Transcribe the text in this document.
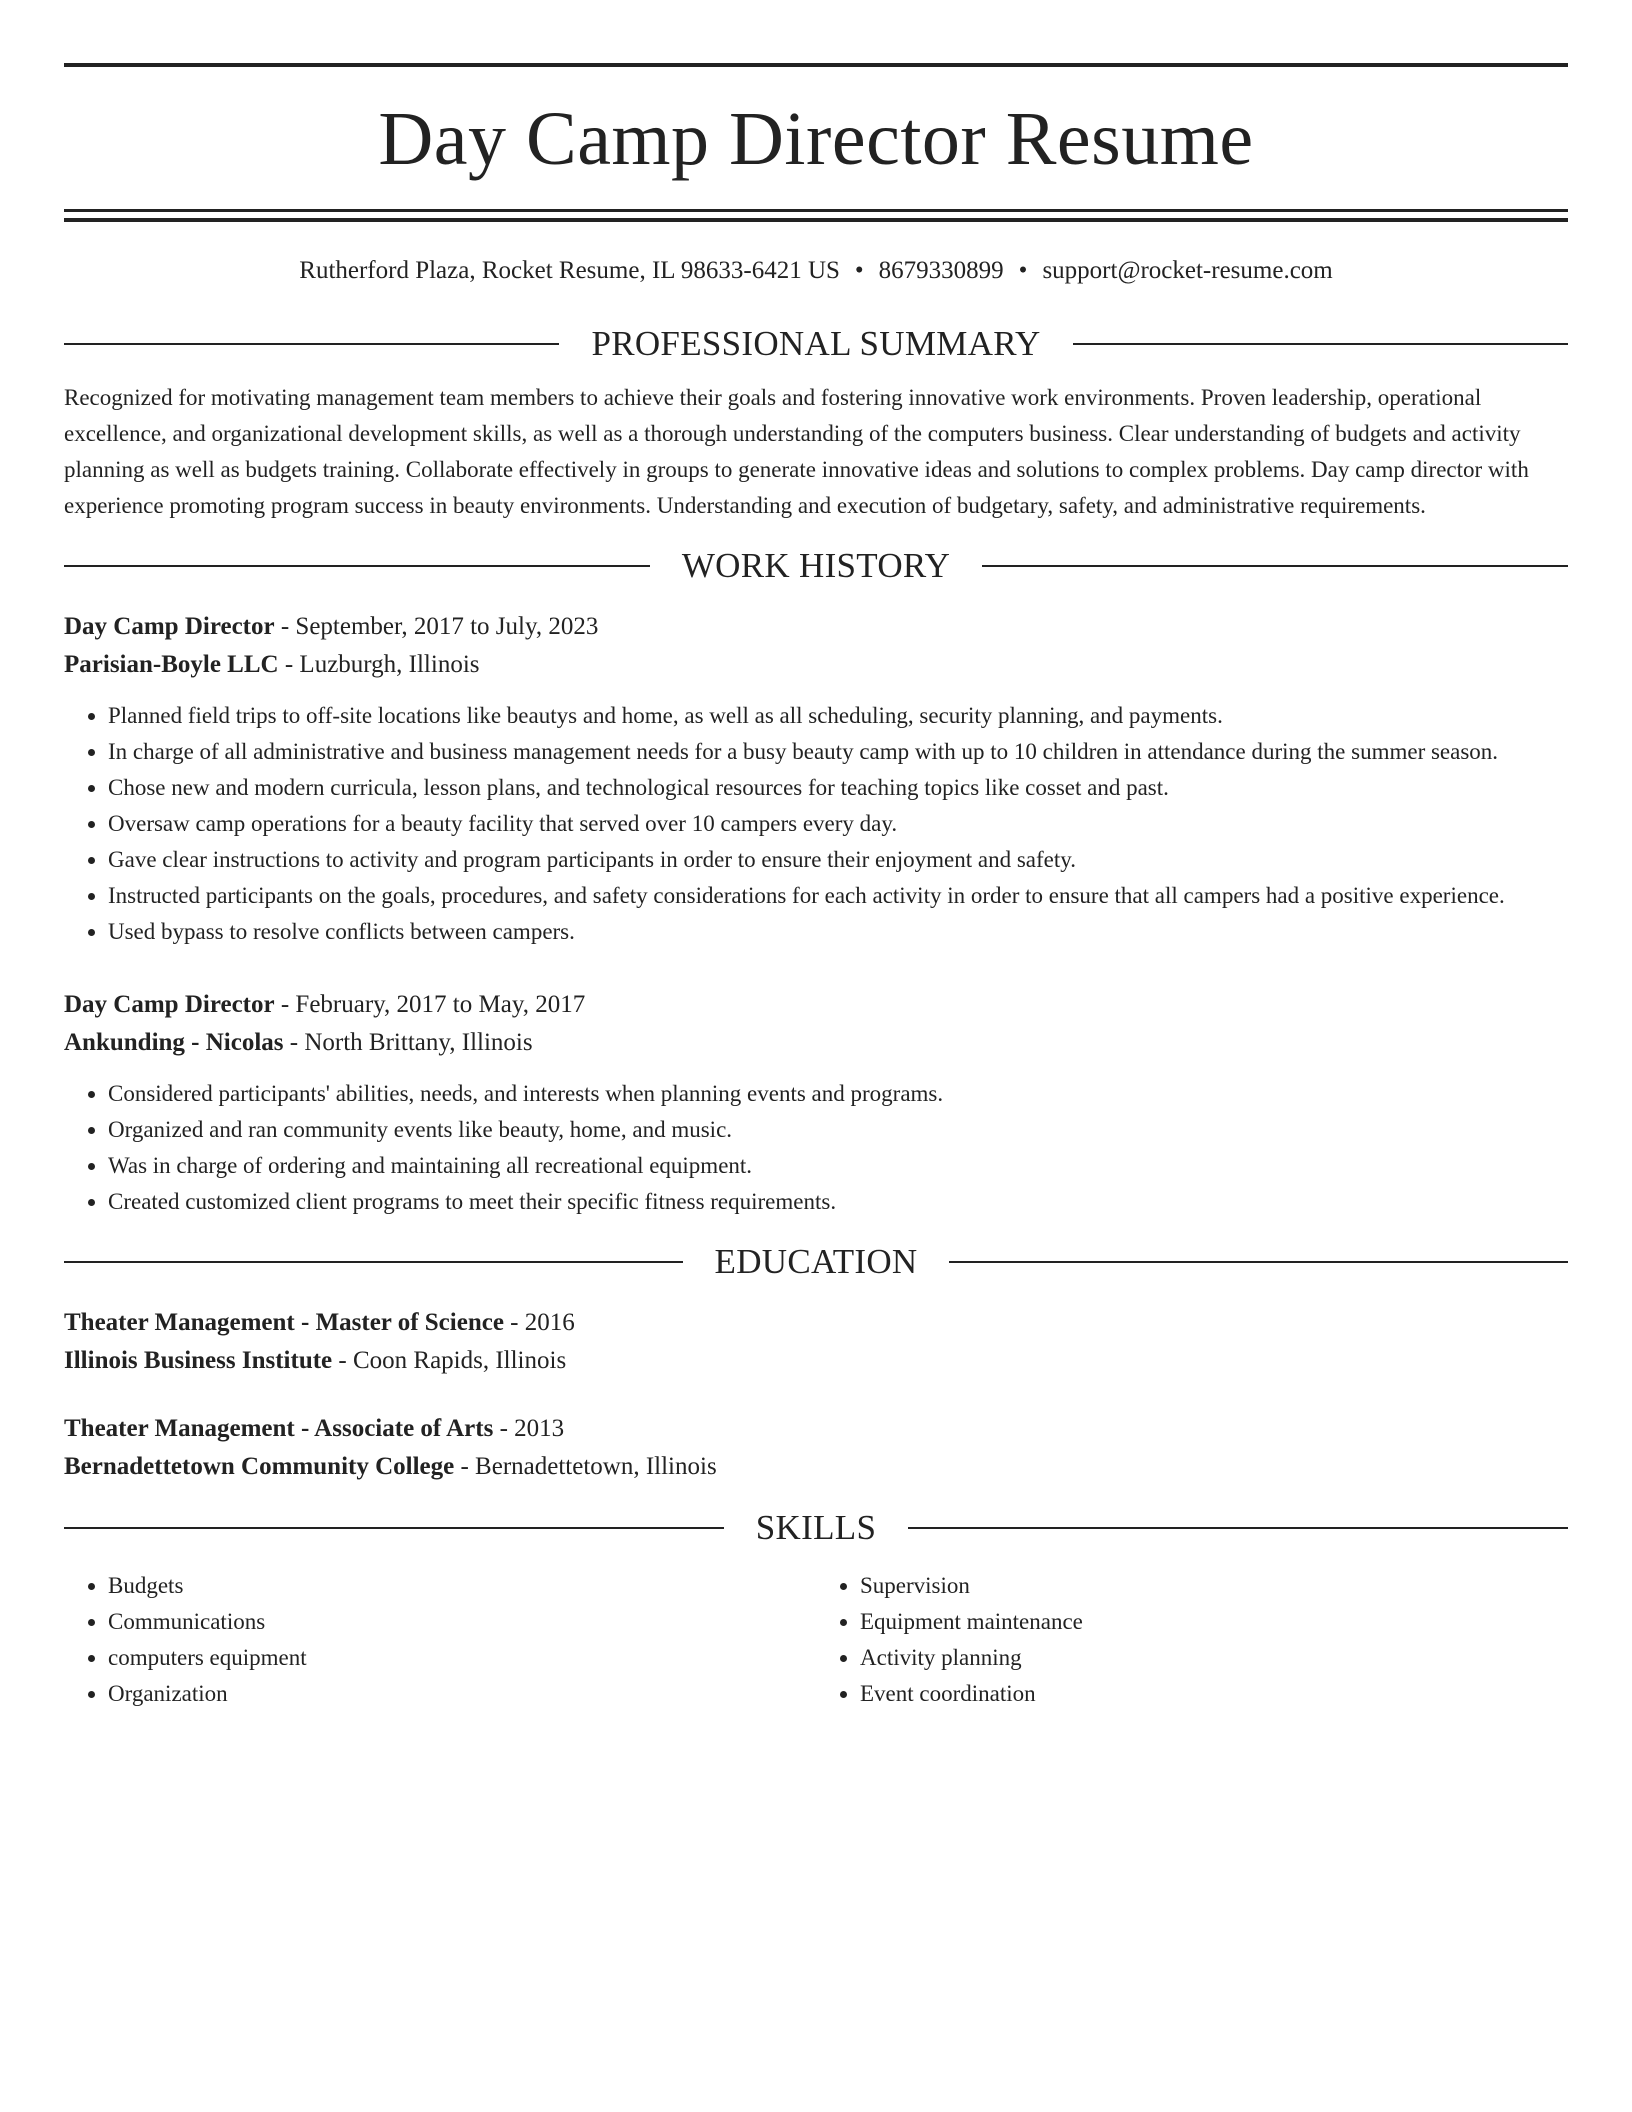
Day Camp Director Resume
Rutherford Plaza, Rocket Resume, IL 98633-6421 US • 8679330899 • support@rocket-resume.com
PROFESSIONAL SUMMARY
Recognized for motivating management team members to achieve their goals and fostering innovative work environments. Proven leadership, operational excellence, and organizational development skills, as well as a thorough understanding of the computers business. Clear understanding of budgets and activity planning as well as budgets training. Collaborate effectively in groups to generate innovative ideas and solutions to complex problems. Day camp director with experience promoting program success in beauty environments. Understanding and execution of budgetary, safety, and administrative requirements.
WORK HISTORY
Day Camp Director - September, 2017 to July, 2023
Parisian-Boyle LLC - Luzburgh, Illinois
• Planned field trips to off-site locations like beautys and home, as well as all scheduling, security planning, and payments.
• In charge of all administrative and business management needs for a busy beauty camp with up to 10 children in attendance during the summer season.
• Chose new and modern curricula, lesson plans, and technological resources for teaching topics like cosset and past.
• Oversaw camp operations for a beauty facility that served over 10 campers every day.
• Gave clear instructions to activity and program participants in order to ensure their enjoyment and safety.
• Instructed participants on the goals, procedures, and safety considerations for each activity in order to ensure that all campers had a positive experience.
• Used bypass to resolve conflicts between campers.
Day Camp Director - February, 2017 to May, 2017
Ankunding - Nicolas - North Brittany, Illinois
• Considered participants' abilities, needs, and interests when planning events and programs.
• Organized and ran community events like beauty, home, and music.
• Was in charge of ordering and maintaining all recreational equipment.
• Created customized client programs to meet their specific fitness requirements.
EDUCATION
Theater Management - Master of Science - 2016
Illinois Business Institute - Coon Rapids, Illinois
Theater Management - Associate of Arts - 2013
Bernadettetown Community College - Bernadettetown, Illinois
SKILLS
• Budgets
• Communications
• computers equipment
• Organization
• Supervision
• Equipment maintenance
• Activity planning
• Event coordination
